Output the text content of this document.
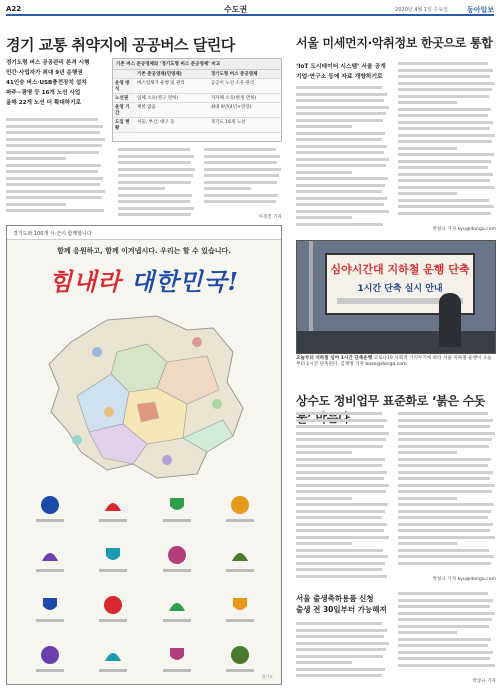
A22	수도권	2020년 4월 1일 수요일	동아일보
경기 교통 취약지에 공공버스 달린다
경기도형 버스 공공관리 본격 시행
민간·사업자가 최대 9년 운행권
41인승 버스·USB충전장치 설치
파주~광명 등 16개 노선 사업
올해 22개 노선 더 확대하기로
기존 버스 준공영제와 ‘경기도형 버스 준공영제’ 비교
	기존 준공영제(민영제)	경기도형 버스 준공영제
운영 방식	버스업체가 운행 및 관리	공공이 노선 소유·관리
노선권	업체 소유(영구 면허)	지자체 소유(한정 면허)
운영 기간	제한 없음	최대 9년(4년+연장)
도입 현황	서울, 부산, 대구 등	경기도 16개 노선
이경진 기자
서울 미세먼지·악취정보 한곳으로 통합
‘IoT 도시데이터 시스템’ 서울 공개
기업·연구소 등에 자료 개방하기로
박창규 기자 kyu@donga.com
심야시간대 지하철 운행 단축
1시간 단축 실시 안내
오늘부터 지하철 심야 1시간 단축운행 코로나19 사회적 거리두기에 따라 서울 지하철 운행이 오늘부터 1시간 단축된다. 김재명 기자 base@donga.com
상수도 정비업무 표준화로 ‘붉은 수돗
박창규 기자 kyu@donga.com
서울 출생축하용품 신청
출생 전 30일부터 가능해져
박창규 기자
경기도와 100개 시·군이 함께합니다
함께 응원하고, 함께 이겨냅시다. 우리는 할 수 있습니다.
힘내라 대한민국!
경기도
